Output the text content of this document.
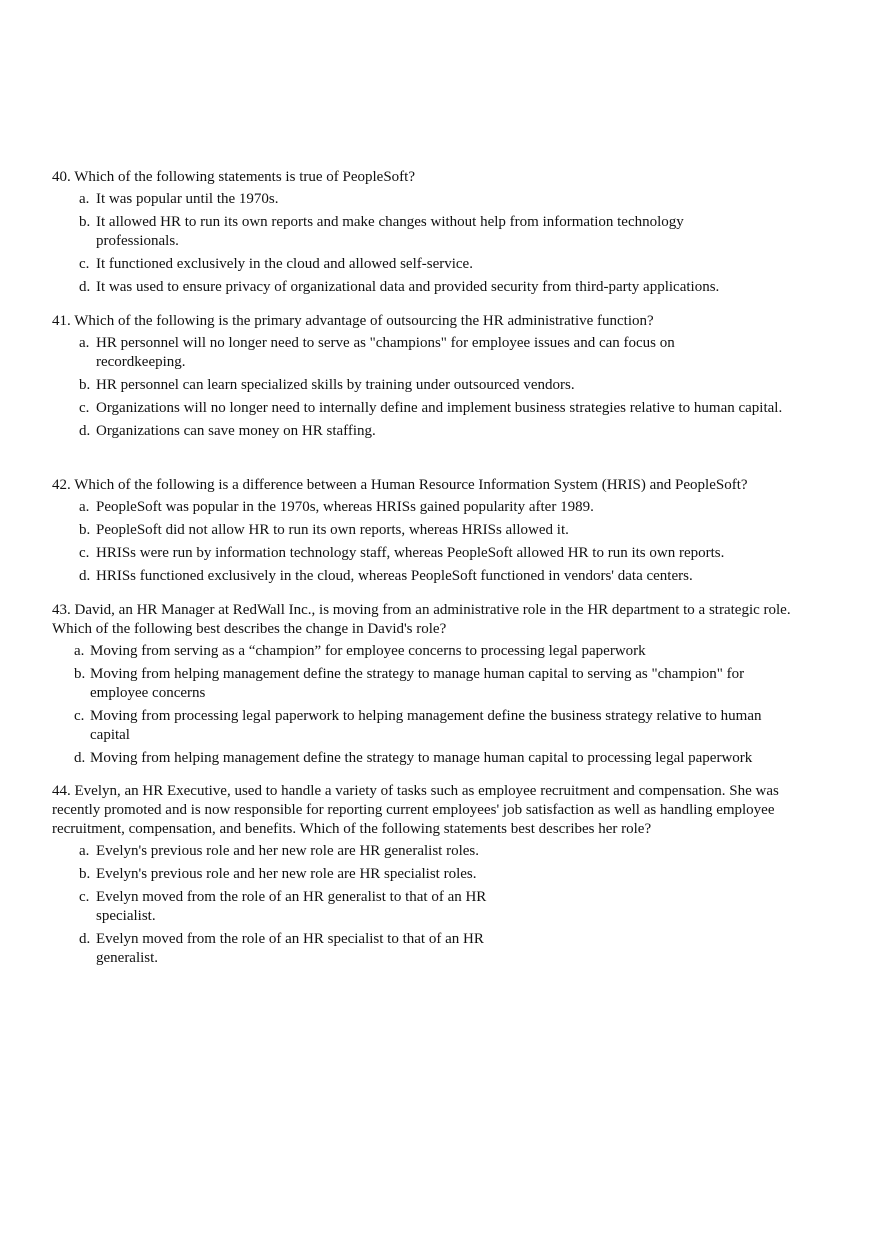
40. Which of the following statements is true of PeopleSoft?

a. It was popular until the 1970s.
b. It allowed HR to run its own reports and make changes without help from information technology professionals.
c. It functioned exclusively in the cloud and allowed self-service.
d. It was used to ensure privacy of organizational data and provided security from third-party applications.

41. Which of the following is the primary advantage of outsourcing the HR administrative function?

a. HR personnel will no longer need to serve as "champions" for employee issues and can focus on recordkeeping.
b. HR personnel can learn specialized skills by training under outsourced vendors.
c. Organizations will no longer need to internally define and implement business strategies relative to human capital.
d. Organizations can save money on HR staffing.

42. Which of the following is a difference between a Human Resource Information System (HRIS) and PeopleSoft?

a. PeopleSoft was popular in the 1970s, whereas HRISs gained popularity after 1989.
b. PeopleSoft did not allow HR to run its own reports, whereas HRISs allowed it.
c. HRISs were run by information technology staff, whereas PeopleSoft allowed HR to run its own reports.
d. HRISs functioned exclusively in the cloud, whereas PeopleSoft functioned in vendors' data centers.

43. David, an HR Manager at RedWall Inc., is moving from an administrative role in the HR department to a strategic role. Which of the following best describes the change in David's role?

a. Moving from serving as a “champion” for employee concerns to processing legal paperwork
b. Moving from helping management define the strategy to manage human capital to serving as "champion" for employee concerns
c. Moving from processing legal paperwork to helping management define the business strategy relative to human capital
d. Moving from helping management define the strategy to manage human capital to processing legal paperwork

44. Evelyn, an HR Executive, used to handle a variety of tasks such as employee recruitment and compensation. She was recently promoted and is now responsible for reporting current employees' job satisfaction as well as handling employee recruitment, compensation, and benefits. Which of the following statements best describes her role?

a. Evelyn's previous role and her new role are HR generalist roles.
b. Evelyn's previous role and her new role are HR specialist roles.
c. Evelyn moved from the role of an HR generalist to that of an HR specialist.
d. Evelyn moved from the role of an HR specialist to that of an HR generalist.
